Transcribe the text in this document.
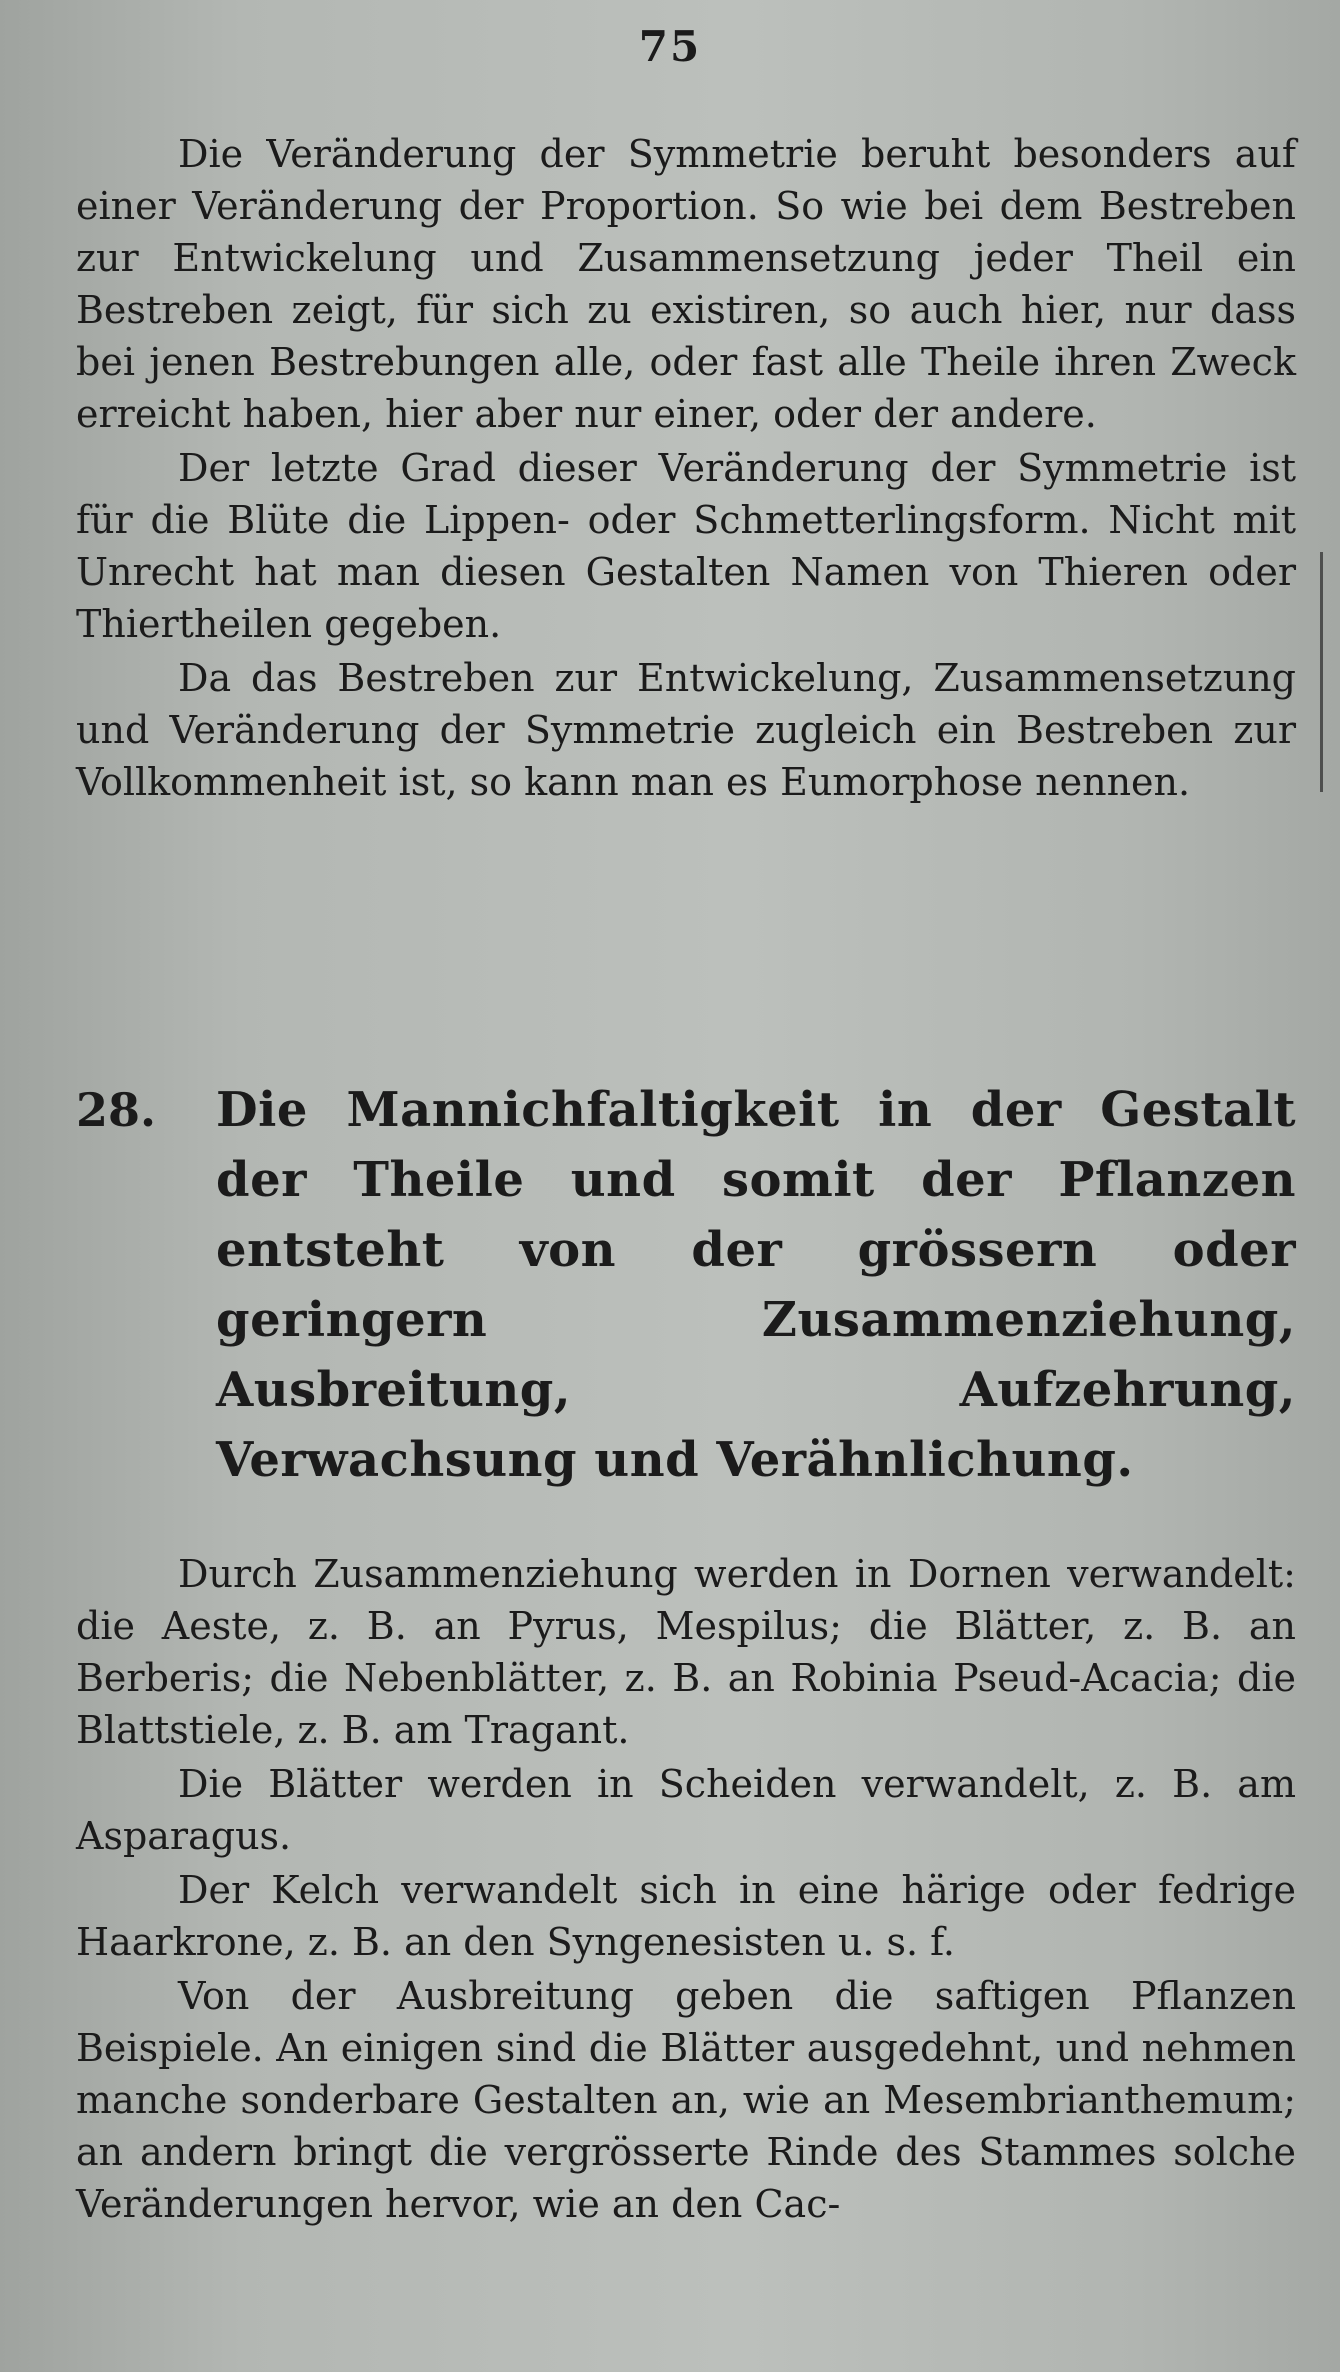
75

Die Veränderung der Symmetrie beruht besonders auf einer Veränderung der Proportion. So wie bei dem Bestreben zur Entwickelung und Zusammensetzung jeder Theil ein Bestreben zeigt, für sich zu existiren, so auch hier, nur dass bei jenen Bestrebungen alle, oder fast alle Theile ihren Zweck erreicht haben, hier aber nur einer, oder der andere.

Der letzte Grad dieser Veränderung der Symmetrie ist für die Blüte die Lippen- oder Schmetterlingsform. Nicht mit Unrecht hat man diesen Gestalten Namen von Thieren oder Thiertheilen gegeben.

Da das Bestreben zur Entwickelung, Zusammensetzung und Veränderung der Symmetrie zugleich ein Bestreben zur Vollkommenheit ist, so kann man es Eumorphose nennen.

28. Die Mannichfaltigkeit in der Gestalt der Theile und somit der Pflanzen entsteht von der grössern oder geringern Zusammenziehung, Ausbreitung, Aufzehrung, Verwachsung und Verähnlichung.

Durch Zusammenziehung werden in Dornen verwandelt: die Aeste, z. B. an Pyrus, Mespilus; die Blätter, z. B. an Berberis; die Nebenblätter, z. B. an Robinia Pseud-Acacia; die Blattstiele, z. B. am Tragant.

Die Blätter werden in Scheiden verwandelt, z. B. am Asparagus.

Der Kelch verwandelt sich in eine härige oder fedrige Haarkrone, z. B. an den Syngenesisten u. s. f.

Von der Ausbreitung geben die saftigen Pflanzen Beispiele. An einigen sind die Blätter ausgedehnt, und nehmen manche sonderbare Gestalten an, wie an Mesembrianthemum; an andern bringt die vergrösserte Rinde des Stammes solche Veränderungen hervor, wie an den Cac-
